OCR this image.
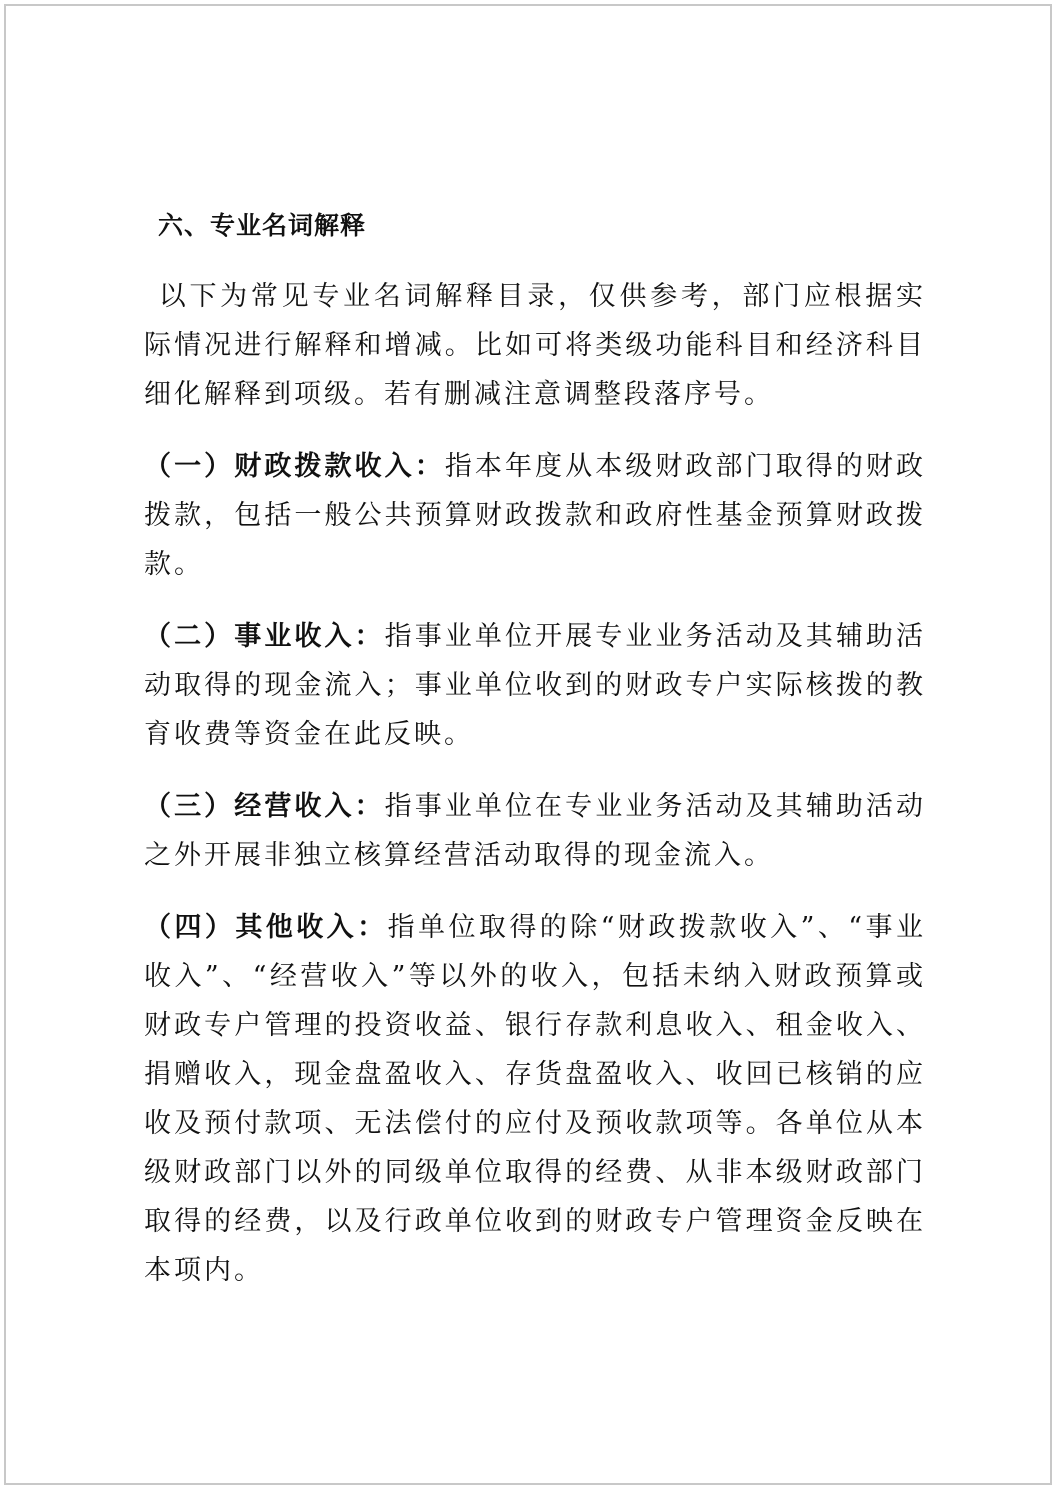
六、专业名词解释

以下为常见专业名词解释目录，仅供参考，部门应根据实际情况进行解释和增减。比如可将类级功能科目和经济科目细化解释到项级。若有删减注意调整段落序号。

（一）财政拨款收入：指本年度从本级财政部门取得的财政拨款，包括一般公共预算财政拨款和政府性基金预算财政拨款。

（二）事业收入：指事业单位开展专业业务活动及其辅助活动取得的现金流入；事业单位收到的财政专户实际核拨的教育收费等资金在此反映。

（三）经营收入：指事业单位在专业业务活动及其辅助活动之外开展非独立核算经营活动取得的现金流入。

（四）其他收入：指单位取得的除“财政拨款收入”、“事业收入”、“经营收入”等以外的收入，包括未纳入财政预算或财政专户管理的投资收益、银行存款利息收入、租金收入、捐赠收入，现金盘盈收入、存货盘盈收入、收回已核销的应收及预付款项、无法偿付的应付及预收款项等。各单位从本级财政部门以外的同级单位取得的经费、从非本级财政部门取得的经费，以及行政单位收到的财政专户管理资金反映在本项内。
